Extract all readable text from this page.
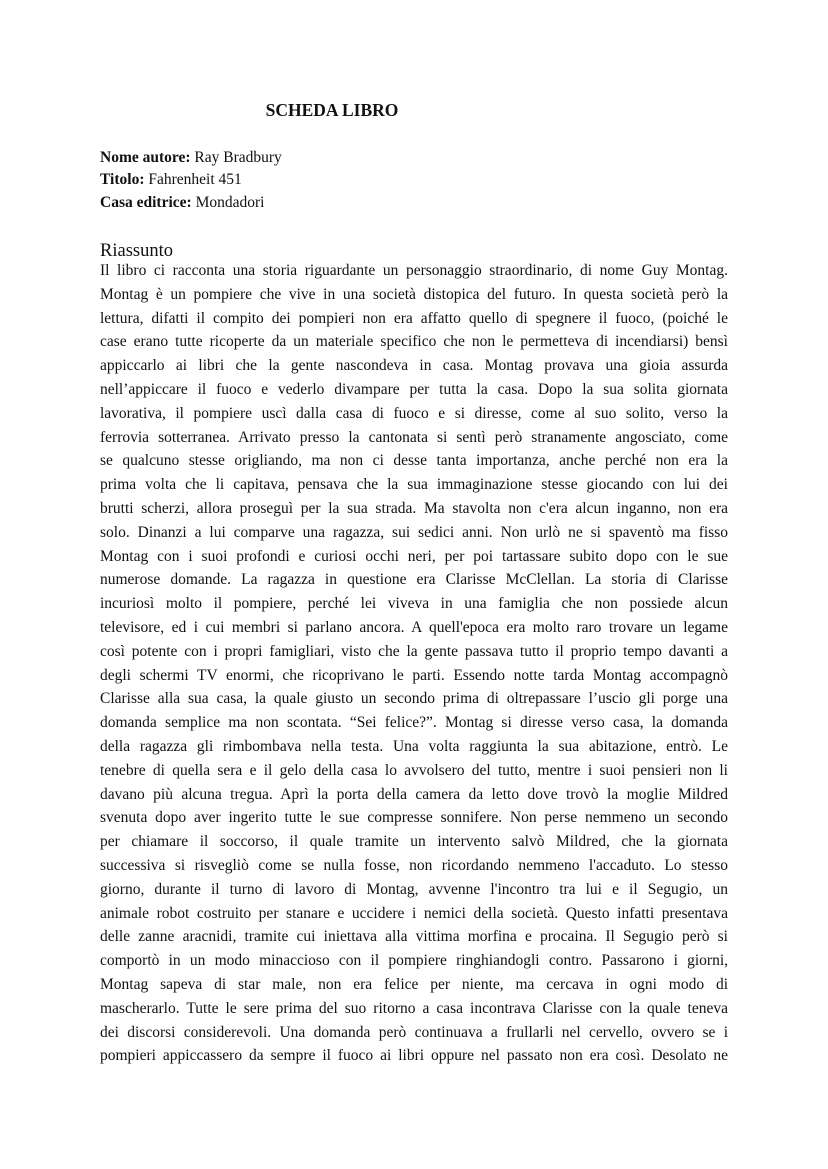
SCHEDA LIBRO
Nome autore: Ray Bradbury
Titolo: Fahrenheit 451
Casa editrice: Mondadori
Riassunto
Il libro ci racconta una storia riguardante un personaggio straordinario, di nome Guy Montag.
Montag è un pompiere che vive in una società distopica del futuro. In questa società però la
lettura, difatti il compito dei pompieri non era affatto quello di spegnere il fuoco, (poiché le
case erano tutte ricoperte da un materiale specifico che non le permetteva di incendiarsi) bensì
appiccarlo ai libri che la gente nascondeva in casa. Montag provava una gioia assurda
nell’appiccare il fuoco e vederlo divampare per tutta la casa. Dopo la sua solita giornata
lavorativa, il pompiere uscì dalla casa di fuoco e si diresse, come al suo solito, verso la
ferrovia sotterranea. Arrivato presso la cantonata si sentì però stranamente angosciato, come
se qualcuno stesse origliando, ma non ci desse tanta importanza, anche perché non era la
prima volta che li capitava, pensava che la sua immaginazione stesse giocando con lui dei
brutti scherzi, allora proseguì per la sua strada. Ma stavolta non c'era alcun inganno, non era
solo. Dinanzi a lui comparve una ragazza, sui sedici anni. Non urlò ne si spaventò ma fisso
Montag con i suoi profondi e curiosi occhi neri, per poi tartassare subito dopo con le sue
numerose domande. La ragazza in questione era Clarisse McClellan. La storia di Clarisse
incuriosì molto il pompiere, perché lei viveva in una famiglia che non possiede alcun
televisore, ed i cui membri si parlano ancora. A quell'epoca era molto raro trovare un legame
così potente con i propri famigliari, visto che la gente passava tutto il proprio tempo davanti a
degli schermi TV enormi, che ricoprivano le parti. Essendo notte tarda Montag accompagnò
Clarisse alla sua casa, la quale giusto un secondo prima di oltrepassare l’uscio gli porge una
domanda semplice ma non scontata. “Sei felice?”. Montag si diresse verso casa, la domanda
della ragazza gli rimbombava nella testa. Una volta raggiunta la sua abitazione, entrò. Le
tenebre di quella sera e il gelo della casa lo avvolsero del tutto, mentre i suoi pensieri non li
davano più alcuna tregua. Aprì la porta della camera da letto dove trovò la moglie Mildred
svenuta dopo aver ingerito tutte le sue compresse sonnifere. Non perse nemmeno un secondo
per chiamare il soccorso, il quale tramite un intervento salvò Mildred, che la giornata
successiva si risvegliò come se nulla fosse, non ricordando nemmeno l'accaduto. Lo stesso
giorno, durante il turno di lavoro di Montag, avvenne l'incontro tra lui e il Segugio, un
animale robot costruito per stanare e uccidere i nemici della società. Questo infatti presentava
delle zanne aracnidi, tramite cui iniettava alla vittima morfina e procaina. Il Segugio però si
comportò in un modo minaccioso con il pompiere ringhiandogli contro. Passarono i giorni,
Montag sapeva di star male, non era felice per niente, ma cercava in ogni modo di
mascherarlo. Tutte le sere prima del suo ritorno a casa incontrava Clarisse con la quale teneva
dei discorsi considerevoli. Una domanda però continuava a frullarli nel cervello, ovvero se i
pompieri appiccassero da sempre il fuoco ai libri oppure nel passato non era così. Desolato ne
